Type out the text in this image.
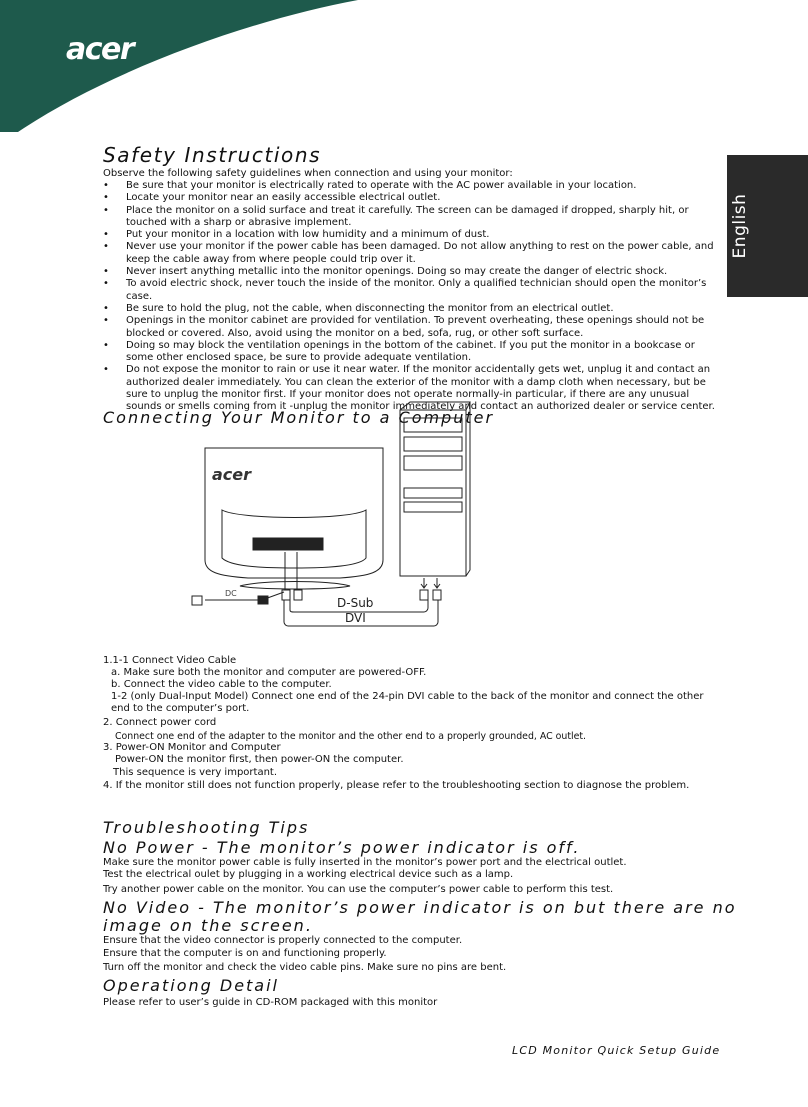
acer
English
Safety Instructions
Observe the following safety guidelines when connection and using your monitor:
• Be sure that your monitor is electrically rated to operate with the AC power available in your location.
• Locate your monitor near an easily accessible electrical outlet.
• Place the monitor on a solid surface and treat it carefully. The screen can be damaged if dropped, sharply hit, or touched with a sharp or abrasive implement.
• Put your monitor in a location with low humidity and a minimum of dust.
• Never use your monitor if the power cable has been damaged. Do not allow anything to rest on the power cable, and keep the cable away from where people could trip over it.
• Never insert anything metallic into the monitor openings. Doing so may create the danger of electric shock.
• To avoid electric shock, never touch the inside of the monitor. Only a qualified technician should open the monitor’s case.
• Be sure to hold the plug, not the cable, when disconnecting the monitor from an electrical outlet.
• Openings in the monitor cabinet are provided for ventilation. To prevent overheating, these openings should not be blocked or covered. Also, avoid using the monitor on a bed, sofa, rug, or other soft surface.
• Doing so may block the ventilation openings in the bottom of the cabinet. If you put the monitor in a bookcase or some other enclosed space, be sure to provide adequate ventilation.
• Do not expose the monitor to rain or use it near water. If the monitor accidentally gets wet, unplug it and contact an authorized dealer immediately. You can clean the exterior of the monitor with a damp cloth when necessary, but be sure to unplug the monitor first. If your monitor does not operate normally-in particular, if there are any unusual sounds or smells coming from it -unplug the monitor immediately and contact an authorized dealer or service center.
Connecting Your Monitor to a Computer
acer
DC
D-Sub
DVI
1.1-1 Connect Video Cable
a. Make sure both the monitor and computer are powered-OFF.
b. Connect the video cable to the computer.
1-2 (only Dual-Input Model) Connect one end of the 24-pin DVI cable to the back of the monitor and connect the other
end to the computer’s port.
2. Connect power cord
Connect one end of the adapter to the monitor and the other end to a properly grounded, AC outlet.
3. Power-ON Monitor and Computer
Power-ON the monitor first, then power-ON the computer.
This sequence is very important.
4. If the monitor still does not function properly, please refer to the troubleshooting section to diagnose the problem.
Troubleshooting Tips
No Power - The monitor’s power indicator is off.
Make sure the monitor power cable is fully inserted in the monitor’s power port and the electrical outlet.
Test the electrical oulet by plugging in a working electrical device such as a lamp.
Try another power cable on the monitor. You can use the computer’s power cable to perform this test.
No Video - The monitor’s power indicator is on but there are no
image on the screen.
Ensure that the video connector is properly connected to the computer.
Ensure that the computer is on and functioning properly.
Turn off the monitor and check the video cable pins. Make sure no pins are bent.
Operationg Detail
Please refer to user’s guide in CD-ROM packaged with this monitor
LCD Monitor Quick Setup Guide
